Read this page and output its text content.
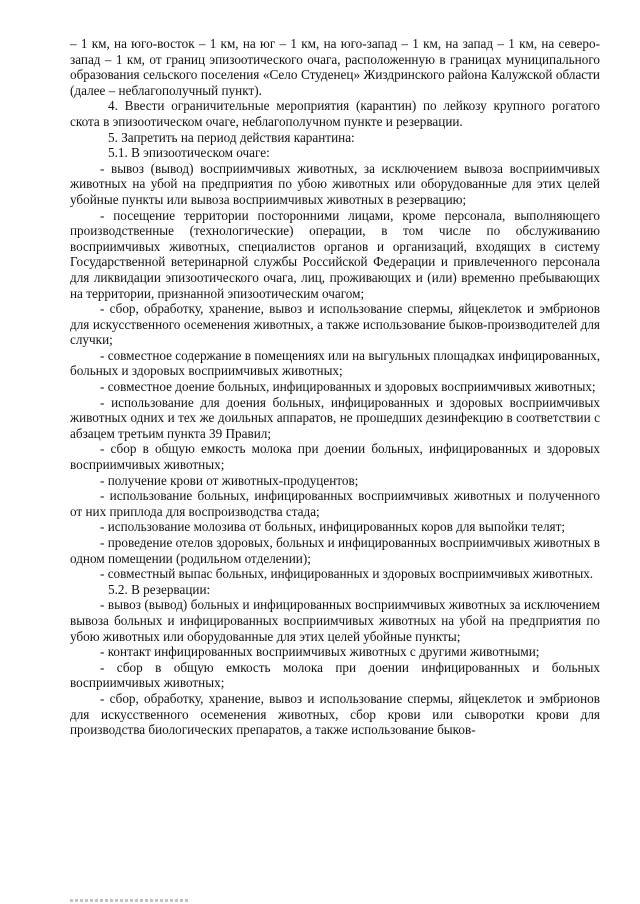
– 1 км, на юго-восток – 1 км, на юг – 1 км, на юго-запад – 1 км, на запад – 1 км, на северо-запад – 1 км, от границ эпизоотического очага, расположенную в границах муниципального образования сельского поселения «Село Студенец» Жиздринского района Калужской области (далее – неблагополучный пункт).

4. Ввести ограничительные мероприятия (карантин) по лейкозу крупного рогатого скота в эпизоотическом очаге, неблагополучном пункте и резервации.

5. Запретить на период действия карантина:

5.1. В эпизоотическом очаге:

- вывоз (вывод) восприимчивых животных, за исключением вывоза восприимчивых животных на убой на предприятия по убою животных или оборудованные для этих целей убойные пункты или вывоза восприимчивых животных в резервацию;

- посещение территории посторонними лицами, кроме персонала, выполняющего производственные (технологические) операции, в том числе по обслуживанию восприимчивых животных, специалистов органов и организаций, входящих в систему Государственной ветеринарной службы Российской Федерации и привлеченного персонала для ликвидации эпизоотического очага, лиц, проживающих и (или) временно пребывающих на территории, признанной эпизоотическим очагом;

- сбор, обработку, хранение, вывоз и использование спермы, яйцеклеток и эмбрионов для искусственного осеменения животных, а также использование быков-производителей для случки;

- совместное содержание в помещениях или на выгульных площадках инфицированных, больных и здоровых восприимчивых животных;

- совместное доение больных, инфицированных и здоровых восприимчивых животных;

- использование для доения больных, инфицированных и здоровых восприимчивых животных одних и тех же доильных аппаратов, не прошедших дезинфекцию в соответствии с абзацем третьим пункта 39 Правил;

- сбор в общую емкость молока при доении больных, инфицированных и здоровых восприимчивых животных;

- получение крови от животных-продуцентов;

- использование больных, инфицированных восприимчивых животных и полученного от них приплода для воспроизводства стада;

- использование молозива от больных, инфицированных коров для выпойки телят;

- проведение отелов здоровых, больных и инфицированных восприимчивых животных в одном помещении (родильном отделении);

- совместный выпас больных, инфицированных и здоровых восприимчивых животных.

5.2. В резервации:

- вывоз (вывод) больных и инфицированных восприимчивых животных за исключением вывоза больных и инфицированных восприимчивых животных на убой на предприятия по убою животных или оборудованные для этих целей убойные пункты;

- контакт инфицированных восприимчивых животных с другими животными;

- сбор в общую емкость молока при доении инфицированных и больных восприимчивых животных;

- сбор, обработку, хранение, вывоз и использование спермы, яйцеклеток и эмбрионов для искусственного осеменения животных, сбор крови или сыворотки крови для производства биологических препаратов, а также использование быков-
